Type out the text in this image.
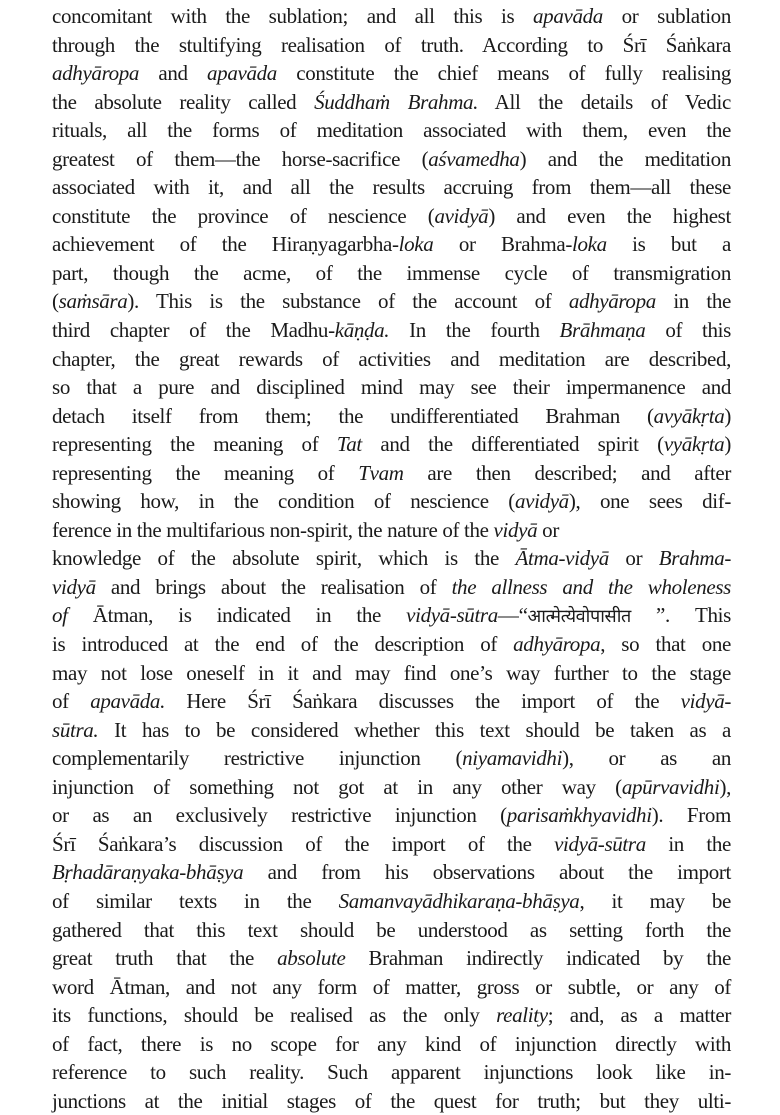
concomitant with the sublation; and all this is apavāda or sublation
through the stultifying realisation of truth. According to Śrī Śaṅkara
adhyāropa and apavāda constitute the chief means of fully realising
the absolute reality called Śuddhaṁ Brahma. All the details of Vedic
rituals, all the forms of meditation associated with them, even the
greatest of them—the horse-sacrifice (aśvamedha) and the meditation
associated with it, and all the results accruing from them—all these
constitute the province of nescience (avidyā) and even the highest
achievement of the Hiraṇyagarbha-loka or Brahma-loka is but a
part, though the acme, of the immense cycle of transmigration
(saṁsāra). This is the substance of the account of adhyāropa in the
third chapter of the Madhu-kāṇḍa. In the fourth Brāhmaṇa of this
chapter, the great rewards of activities and meditation are described,
so that a pure and disciplined mind may see their impermanence and
detach itself from them; the undifferentiated Brahman (avyākṛta)
representing the meaning of Tat and the differentiated spirit (vyākṛta)
representing the meaning of Tvam are then described; and after
showing how, in the condition of nescience (avidyā), one sees dif-
ference in the multifarious non-spirit, the nature of the vidyā or
knowledge of the absolute spirit, which is the Ātma-vidyā or Brahma-
vidyā and brings about the realisation of the allness and the wholeness
of Ātman, is indicated in the vidyā-sūtra—“आत्मेत्येवोपासीत ”. This
is introduced at the end of the description of adhyāropa, so that one
may not lose oneself in it and may find one’s way further to the stage
of apavāda. Here Śrī Śaṅkara discusses the import of the vidyā-
sūtra. It has to be considered whether this text should be taken as a
complementarily restrictive injunction (niyamavidhi), or as an
injunction of something not got at in any other way (apūrvavidhi),
or as an exclusively restrictive injunction (parisaṁkhyavidhi). From
Śrī Śaṅkara’s discussion of the import of the vidyā-sūtra in the
Bṛhadāraṇyaka-bhāṣya and from his observations about the import
of similar texts in the Samanvayādhikaraṇa-bhāṣya, it may be
gathered that this text should be understood as setting forth the
great truth that the absolute Brahman indirectly indicated by the
word Ātman, and not any form of matter, gross or subtle, or any of
its functions, should be realised as the only reality; and, as a matter
of fact, there is no scope for any kind of injunction directly with
reference to such reality. Such apparent injunctions look like in-
junctions at the initial stages of the quest for truth; but they ulti-
